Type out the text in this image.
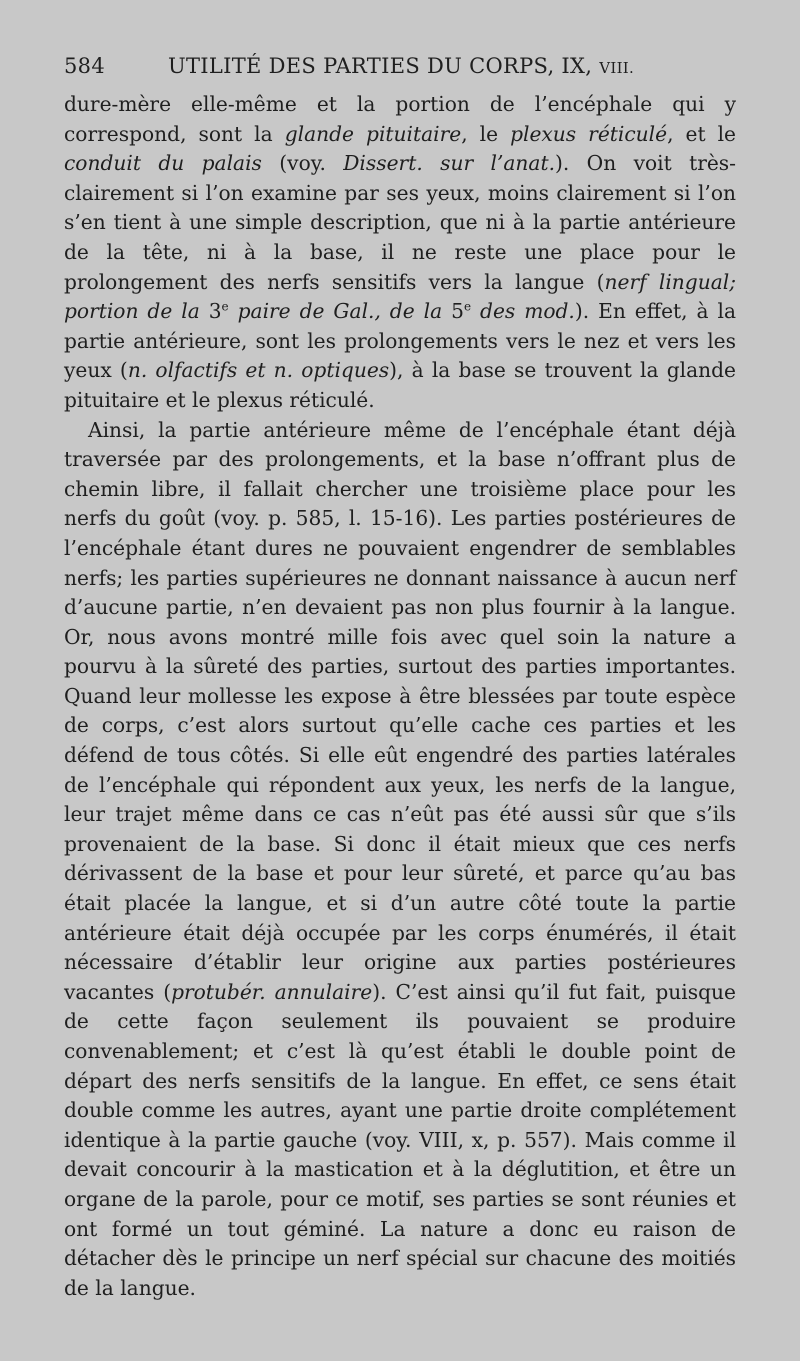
584	UTILITÉ DES PARTIES DU CORPS, IX, VIII.

dure-mère elle-même et la portion de l’encéphale qui y correspond, sont la glande pituitaire, le plexus réticulé, et le conduit du palais (voy. Dissert. sur l’anat.). On voit très-clairement si l’on examine par ses yeux, moins clairement si l’on s’en tient à une simple description, que ni à la partie antérieure de la tête, ni à la base, il ne reste une place pour le prolongement des nerfs sensitifs vers la langue (nerf lingual; portion de la 3e paire de Gal., de la 5e des mod.). En effet, à la partie antérieure, sont les prolongements vers le nez et vers les yeux (n. olfactifs et n. optiques), à la base se trouvent la glande pituitaire et le plexus réticulé.

Ainsi, la partie antérieure même de l’encéphale étant déjà traversée par des prolongements, et la base n’offrant plus de chemin libre, il fallait chercher une troisième place pour les nerfs du goût (voy. p. 585, l. 15-16). Les parties postérieures de l’encéphale étant dures ne pouvaient engendrer de semblables nerfs; les parties supérieures ne donnant naissance à aucun nerf d’aucune partie, n’en devaient pas non plus fournir à la langue. Or, nous avons montré mille fois avec quel soin la nature a pourvu à la sûreté des parties, surtout des parties importantes. Quand leur mollesse les expose à être blessées par toute espèce de corps, c’est alors surtout qu’elle cache ces parties et les défend de tous côtés. Si elle eût engendré des parties latérales de l’encéphale qui répondent aux yeux, les nerfs de la langue, leur trajet même dans ce cas n’eût pas été aussi sûr que s’ils provenaient de la base. Si donc il était mieux que ces nerfs dérivassent de la base et pour leur sûreté, et parce qu’au bas était placée la langue, et si d’un autre côté toute la partie antérieure était déjà occupée par les corps énumérés, il était nécessaire d’établir leur origine aux parties postérieures vacantes (protubér. annulaire). C’est ainsi qu’il fut fait, puisque de cette façon seulement ils pouvaient se produire convenablement; et c’est là qu’est établi le double point de départ des nerfs sensitifs de la langue. En effet, ce sens était double comme les autres, ayant une partie droite complétement identique à la partie gauche (voy. VIII, x, p. 557). Mais comme il devait concourir à la mastication et à la déglutition, et être un organe de la parole, pour ce motif, ses parties se sont réunies et ont formé un tout géminé. La nature a donc eu raison de détacher dès le principe un nerf spécial sur chacune des moitiés de la langue.
